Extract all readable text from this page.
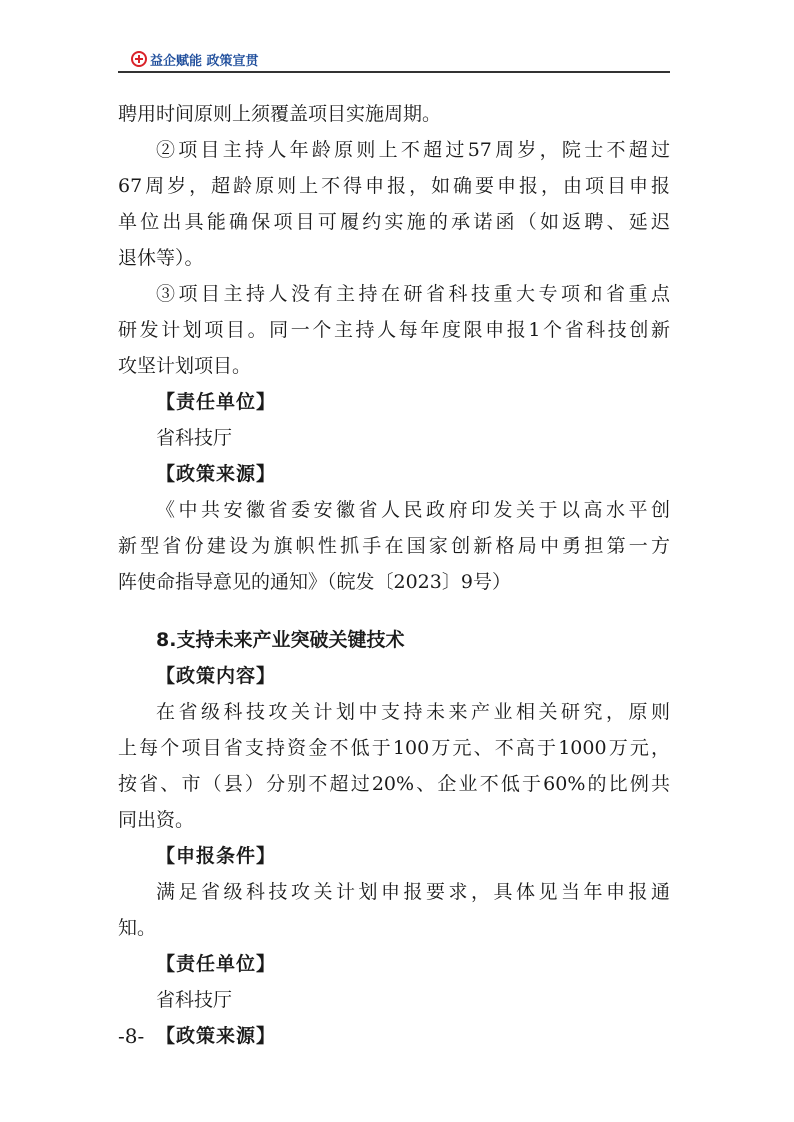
益企赋能 政策宣贯
聘用时间原则上须覆盖项目实施周期。
②项目主持人年龄原则上不超过57周岁，院士不超过
67周岁，超龄原则上不得申报，如确要申报，由项目申报
单位出具能确保项目可履约实施的承诺函（如返聘、延迟
退休等）。
③项目主持人没有主持在研省科技重大专项和省重点
研发计划项目。同一个主持人每年度限申报1个省科技创新
攻坚计划项目。
【责任单位】
省科技厅
【政策来源】
《中共安徽省委安徽省人民政府印发关于以高水平创
新型省份建设为旗帜性抓手在国家创新格局中勇担第一方
阵使命指导意见的通知》（皖发〔2023〕9号）
8.支持未来产业突破关键技术
【政策内容】
在省级科技攻关计划中支持未来产业相关研究，原则
上每个项目省支持资金不低于100万元、不高于1000万元，
按省、市（县）分别不超过20%、企业不低于60%的比例共
同出资。
【申报条件】
满足省级科技攻关计划申报要求，具体见当年申报通
知。
【责任单位】
省科技厅
【政策来源】
-8-
